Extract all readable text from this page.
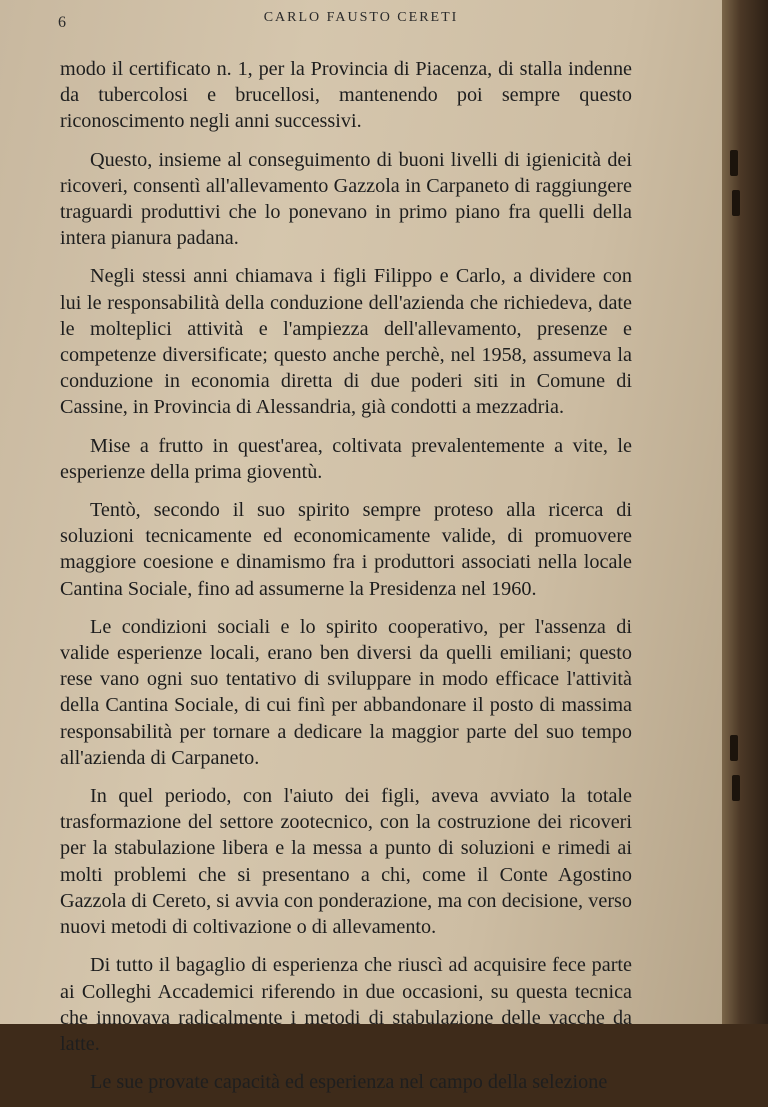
CARLO FAUSTO CERETI
6

modo il certificato n. 1, per la Provincia di Piacenza, di stalla indenne da tubercolosi e brucellosi, mantenendo poi sempre questo riconoscimento negli anni successivi.

Questo, insieme al conseguimento di buoni livelli di igienicità dei ricoveri, consentì all'allevamento Gazzola in Carpaneto di raggiungere traguardi produttivi che lo ponevano in primo piano fra quelli della intera pianura padana.

Negli stessi anni chiamava i figli Filippo e Carlo, a dividere con lui le responsabilità della conduzione dell'azienda che richiedeva, date le molteplici attività e l'ampiezza dell'allevamento, presenze e competenze diversificate; questo anche perchè, nel 1958, assumeva la conduzione in economia diretta di due poderi siti in Comune di Cassine, in Provincia di Alessandria, già condotti a mezzadria.

Mise a frutto in quest'area, coltivata prevalentemente a vite, le esperienze della prima gioventù.

Tentò, secondo il suo spirito sempre proteso alla ricerca di soluzioni tecnicamente ed economicamente valide, di promuovere maggiore coesione e dinamismo fra i produttori associati nella locale Cantina Sociale, fino ad assumerne la Presidenza nel 1960.

Le condizioni sociali e lo spirito cooperativo, per l'assenza di valide esperienze locali, erano ben diversi da quelli emiliani; questo rese vano ogni suo tentativo di sviluppare in modo efficace l'attività della Cantina Sociale, di cui finì per abbandonare il posto di massima responsabilità per tornare a dedicare la maggior parte del suo tempo all'azienda di Carpaneto.

In quel periodo, con l'aiuto dei figli, aveva avviato la totale trasformazione del settore zootecnico, con la costruzione dei ricoveri per la stabulazione libera e la messa a punto di soluzioni e rimedi ai molti problemi che si presentano a chi, come il Conte Agostino Gazzola di Cereto, si avvia con ponderazione, ma con decisione, verso nuovi metodi di coltivazione o di allevamento.

Di tutto il bagaglio di esperienza che riuscì ad acquisire fece parte ai Colleghi Accademici riferendo in due occasioni, su questa tecnica che innovava radicalmente i metodi di stabulazione delle vacche da latte.

Le sue provate capacità ed esperienza nel campo della selezione
